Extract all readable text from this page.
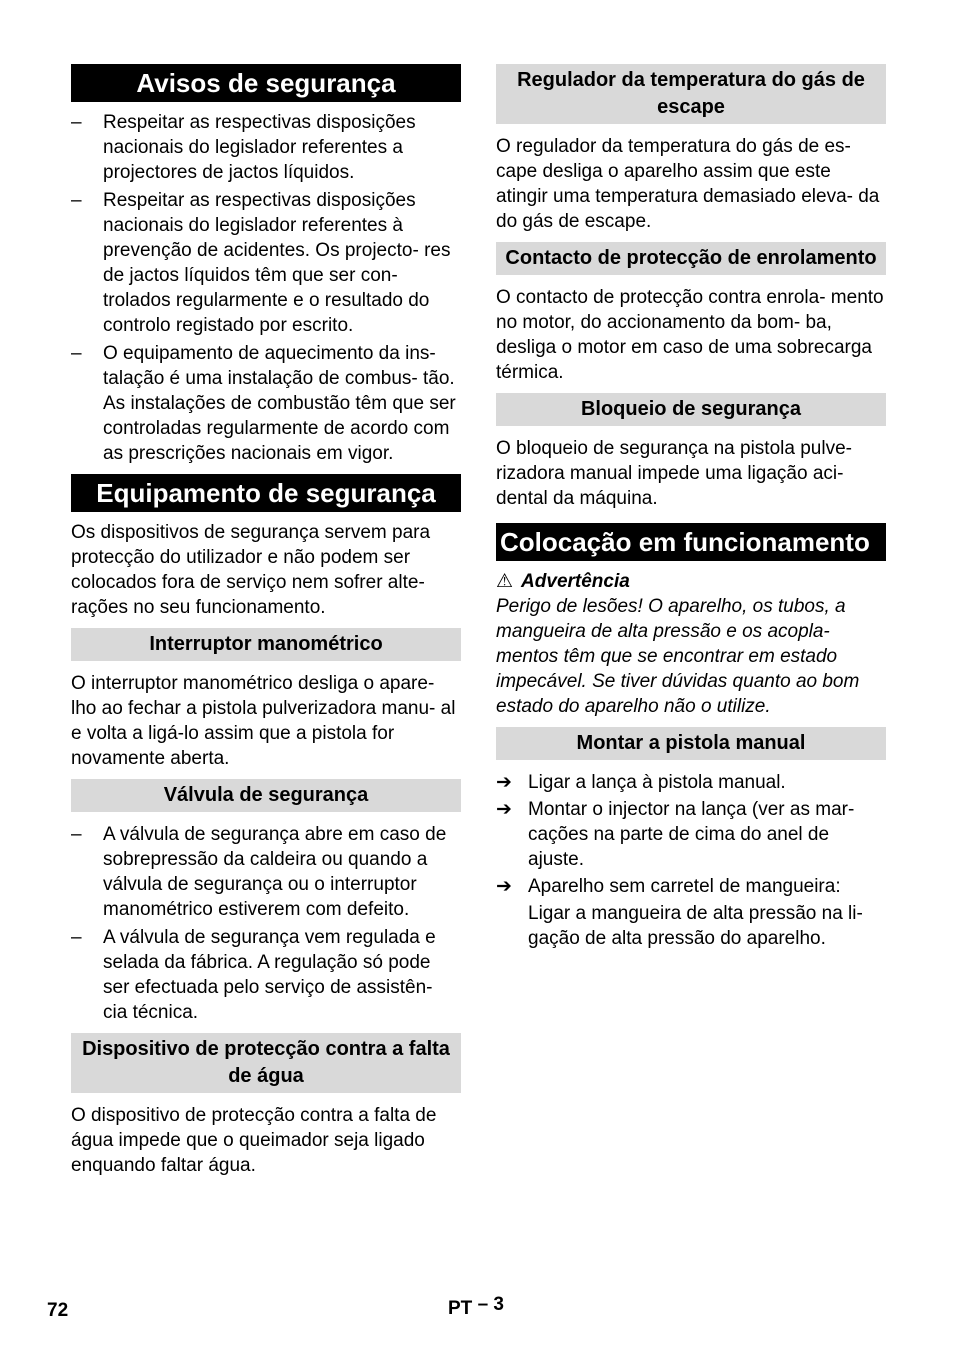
Avisos de segurança
– Respeitar as respectivas disposições nacionais do legislador referentes a projectores de jactos líquidos.
– Respeitar as respectivas disposições nacionais do legislador referentes à prevenção de acidentes. Os projecto- res de jactos líquidos têm que ser con- trolados regularmente e o resultado do controlo registado por escrito.
– O equipamento de aquecimento da ins- talação é uma instalação de combus- tão. As instalações de combustão têm que ser controladas regularmente de acordo com as prescrições nacionais em vigor.
Equipamento de segurança

Os dispositivos de segurança servem para protecção do utilizador e não podem ser colocados fora de serviço nem sofrer alte- rações no seu funcionamento.

Interruptor manométrico

O interruptor manométrico desliga o apare- lho ao fechar a pistola pulverizadora manu- al e volta a ligá-lo assim que a pistola for novamente aberta.

Válvula de segurança
– A válvula de segurança abre em caso de sobrepressão da caldeira ou quando a válvula de segurança ou o interruptor manométrico estiverem com defeito.
– A válvula de segurança vem regulada e selada da fábrica. A regulação só pode ser efectuada pelo serviço de assistên- cia técnica.
Dispositivo de protecção contra a falta de água

O dispositivo de protecção contra a falta de água impede que o queimador seja ligado enquando faltar água.

Regulador da temperatura do gás de escape

O regulador da temperatura do gás de es- cape desliga o aparelho assim que este atingir uma temperatura demasiado eleva- da do gás de escape.

Contacto de protecção de enrolamento

O contacto de protecção contra enrola- mento no motor, do accionamento da bom- ba, desliga o motor em caso de uma sobrecarga térmica.

Bloqueio de segurança

O bloqueio de segurança na pistola pulve- rizadora manual impede uma ligação aci- dental da máquina.

Colocação em funcionamento
⚠ Advertência

Perigo de lesões! O aparelho, os tubos, a mangueira de alta pressão e os acopla- mentos têm que se encontrar em estado impecável. Se tiver dúvidas quanto ao bom estado do aparelho não o utilize.

Montar a pistola manual
➔ Ligar a lança à pistola manual.
➔ Montar o injector na lança (ver as mar- cações na parte de cima do anel de ajuste.
➔ Aparelho sem carretel de mangueira:
Ligar a mangueira de alta pressão na li- gação de alta pressão do aparelho.
72	PT – 3
